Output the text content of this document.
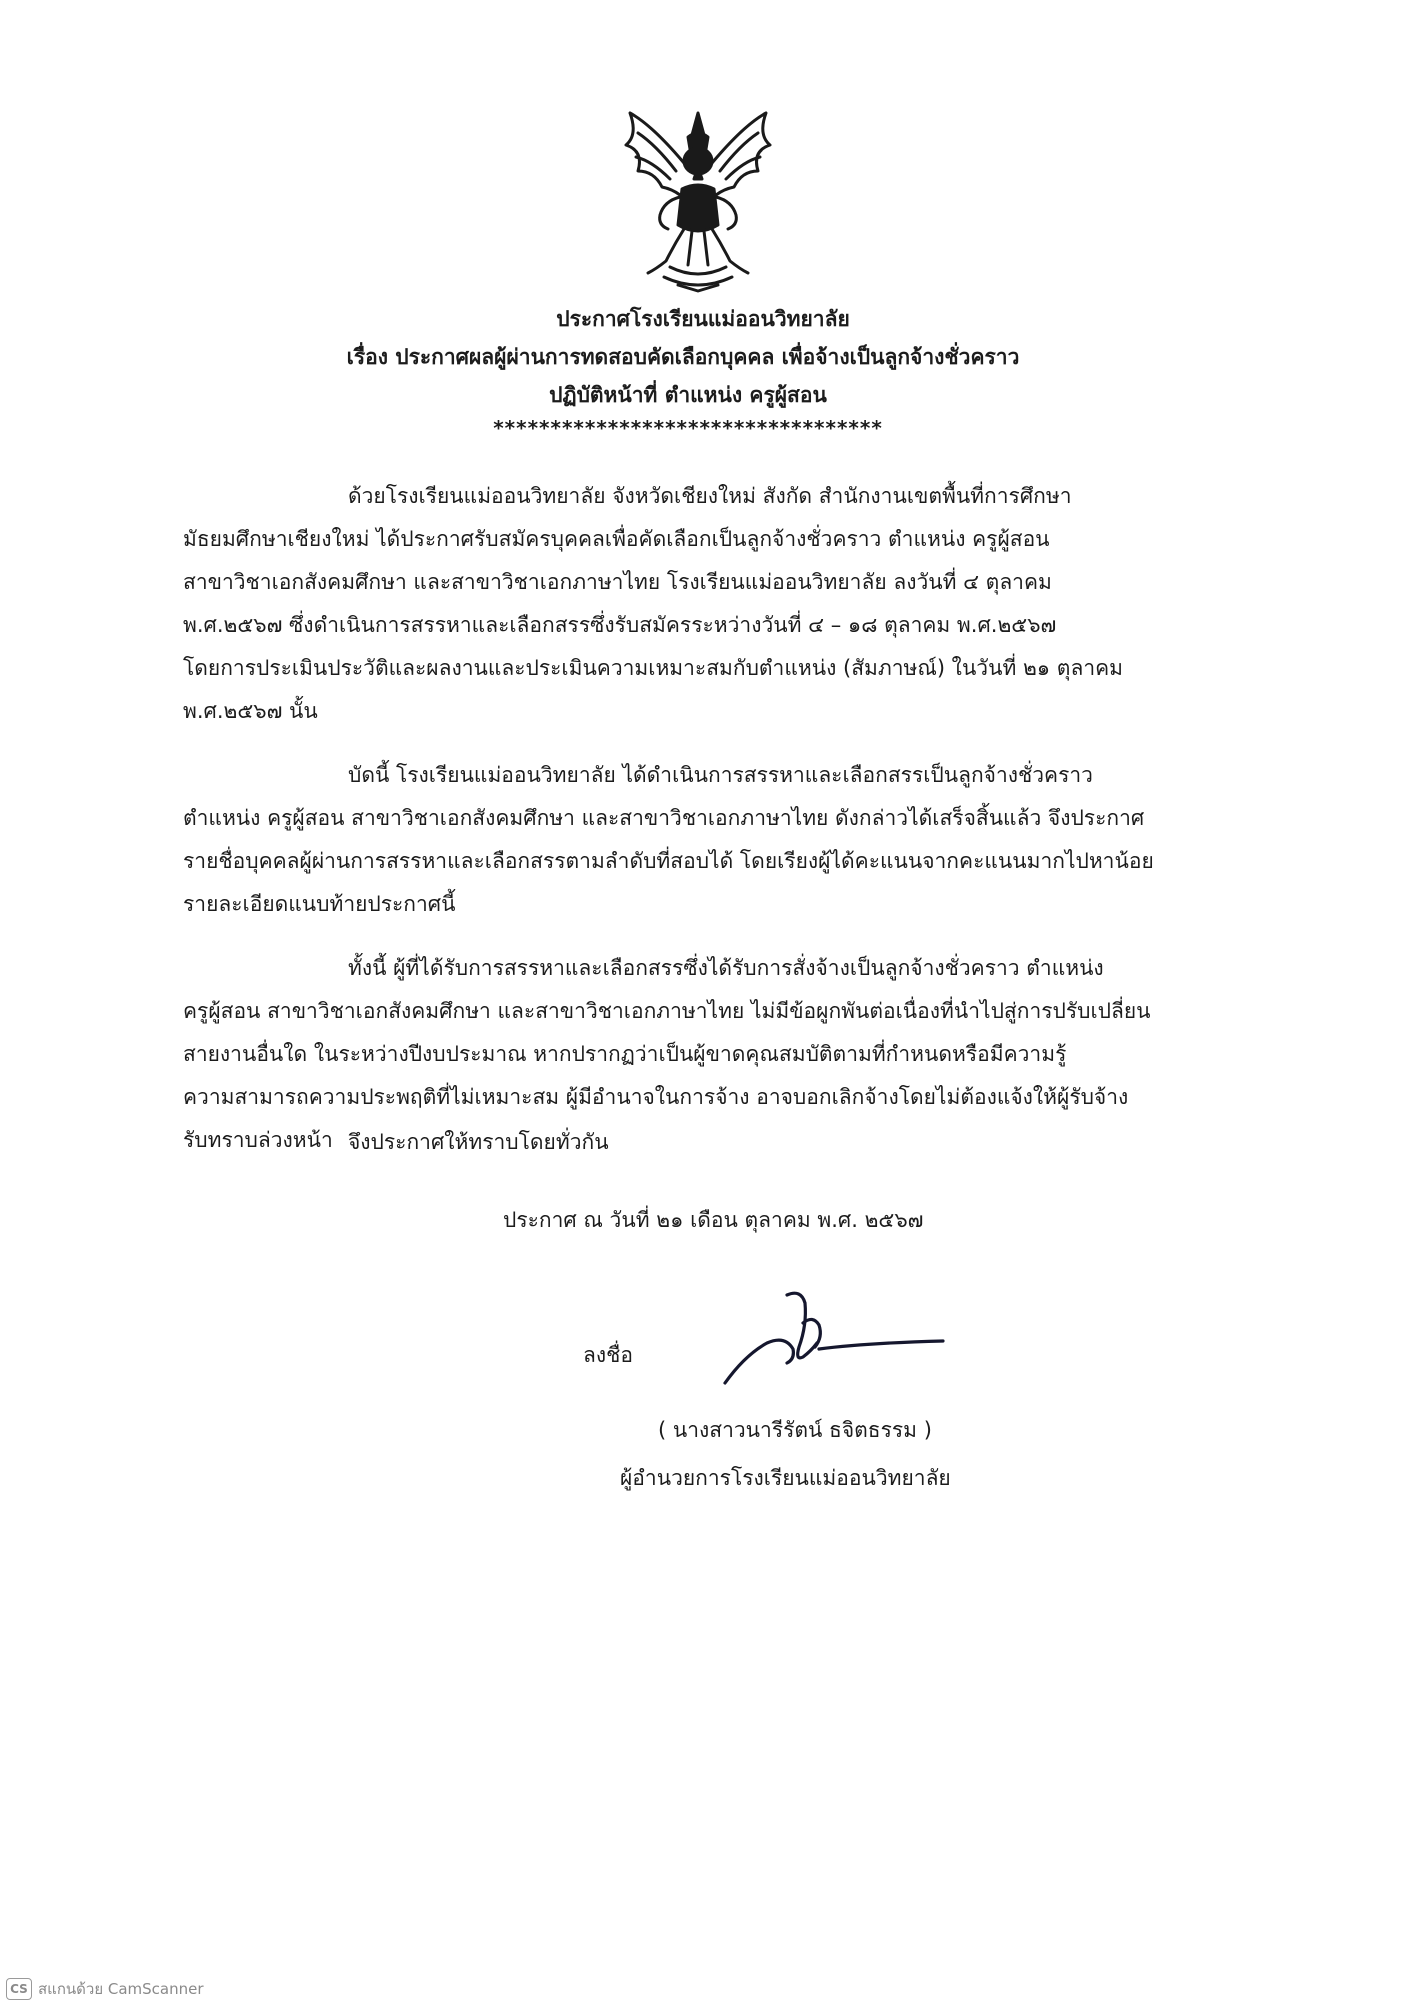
ประกาศโรงเรียนแม่ออนวิทยาลัย
เรื่อง ประกาศผลผู้ผ่านการทดสอบคัดเลือกบุคคล เพื่อจ้างเป็นลูกจ้างชั่วคราว
ปฏิบัติหน้าที่ ตำแหน่ง ครูผู้สอน
**********************************
ด้วยโรงเรียนแม่ออนวิทยาลัย จังหวัดเชียงใหม่ สังกัด สำนักงานเขตพื้นที่การศึกษา
มัธยมศึกษาเชียงใหม่ ได้ประกาศรับสมัครบุคคลเพื่อคัดเลือกเป็นลูกจ้างชั่วคราว ตำแหน่ง ครูผู้สอน
สาขาวิชาเอกสังคมศึกษา และสาขาวิชาเอกภาษาไทย โรงเรียนแม่ออนวิทยาลัย ลงวันที่ ๔ ตุลาคม
พ.ศ.๒๕๖๗ ซึ่งดำเนินการสรรหาและเลือกสรรซึ่งรับสมัครระหว่างวันที่ ๔ – ๑๘ ตุลาคม พ.ศ.๒๕๖๗
โดยการประเมินประวัติและผลงานและประเมินความเหมาะสมกับตำแหน่ง (สัมภาษณ์) ในวันที่ ๒๑ ตุลาคม
พ.ศ.๒๕๖๗ นั้น
บัดนี้ โรงเรียนแม่ออนวิทยาลัย ได้ดำเนินการสรรหาและเลือกสรรเป็นลูกจ้างชั่วคราว
ตำแหน่ง ครูผู้สอน สาขาวิชาเอกสังคมศึกษา และสาขาวิชาเอกภาษาไทย ดังกล่าวได้เสร็จสิ้นแล้ว จึงประกาศ
รายชื่อบุคคลผู้ผ่านการสรรหาและเลือกสรรตามลำดับที่สอบได้ โดยเรียงผู้ได้คะแนนจากคะแนนมากไปหาน้อย
รายละเอียดแนบท้ายประกาศนี้
ทั้งนี้ ผู้ที่ได้รับการสรรหาและเลือกสรรซึ่งได้รับการสั่งจ้างเป็นลูกจ้างชั่วคราว ตำแหน่ง
ครูผู้สอน สาขาวิชาเอกสังคมศึกษา และสาขาวิชาเอกภาษาไทย ไม่มีข้อผูกพันต่อเนื่องที่นำไปสู่การปรับเปลี่ยน
สายงานอื่นใด ในระหว่างปีงบประมาณ หากปรากฏว่าเป็นผู้ขาดคุณสมบัติตามที่กำหนดหรือมีความรู้
ความสามารถความประพฤติที่ไม่เหมาะสม ผู้มีอำนาจในการจ้าง อาจบอกเลิกจ้างโดยไม่ต้องแจ้งให้ผู้รับจ้าง
รับทราบล่วงหน้า จึงประกาศให้ทราบโดยทั่วกัน
ประกาศ ณ วันที่ ๒๑ เดือน ตุลาคม พ.ศ. ๒๕๖๗
ลงชื่อ
( นางสาวนารีรัตน์ ธจิตธรรม )
ผู้อำนวยการโรงเรียนแม่ออนวิทยาลัย
CS สแกนด้วย CamScanner
